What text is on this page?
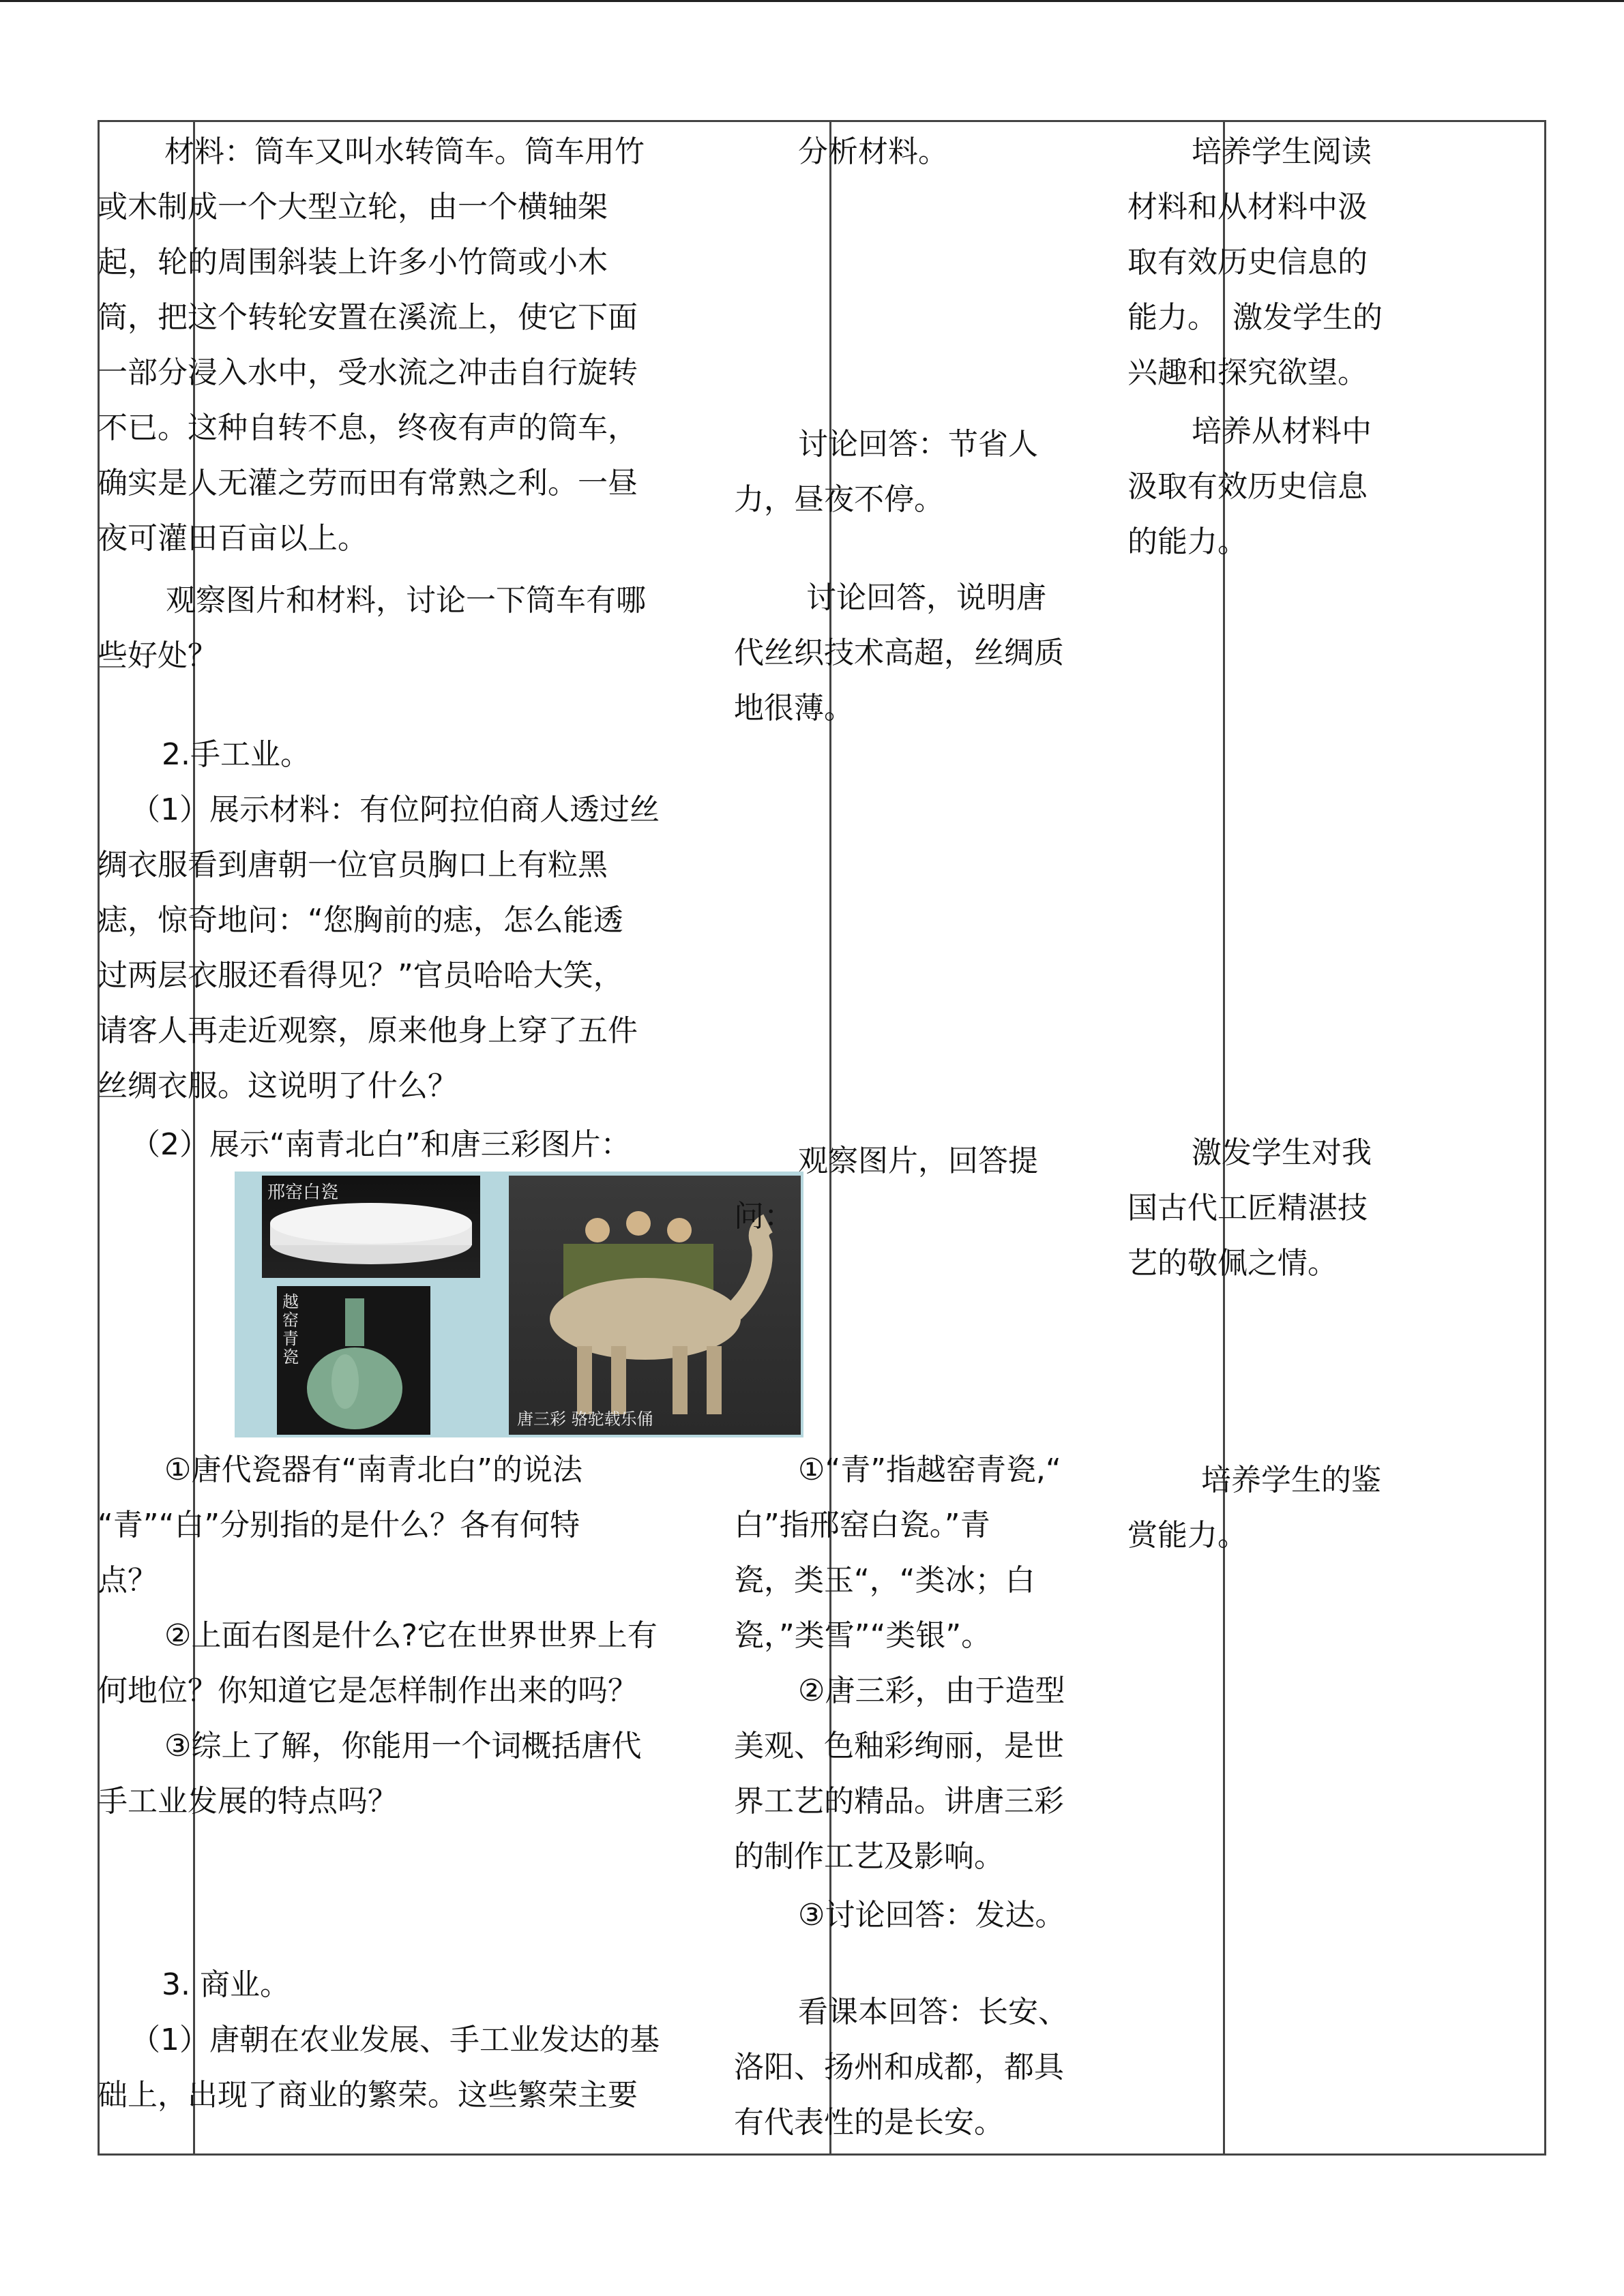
材料：筒车又叫水转筒车。筒车用竹

或木制成一个大型立轮，由一个横轴架

起，轮的周围斜装上许多小竹筒或小木

筒，把这个转轮安置在溪流上，使它下面

一部分浸入水中，受水流之冲击自行旋转

不已。这种自转不息，终夜有声的筒车，

确实是人无灌之劳而田有常熟之利。一昼

夜可灌田百亩以上。

观察图片和材料，讨论一下筒车有哪

些好处？

2.手工业。

（1）展示材料：有位阿拉伯商人透过丝

绸衣服看到唐朝一位官员胸口上有粒黑

痣，惊奇地问：“您胸前的痣，怎么能透

过两层衣服还看得见？”官员哈哈大笑，

请客人再走近观察，原来他身上穿了五件

丝绸衣服。这说明了什么？

（2）展示“南青北白”和唐三彩图片：

①唐代瓷器有“南青北白”的说法

“青”“白”分别指的是什么？各有何特

点？

②上面右图是什么?它在世界世界上有

何地位？你知道它是怎样制作出来的吗？

③综上了解，你能用一个词概括唐代

手工业发展的特点吗？

3. 商业。

（1）唐朝在农业发展、手工业发达的基

础上，出现了商业的繁荣。这些繁荣主要

邢窑白瓷
越窑青瓷
唐三彩 骆驼载乐俑

分析材料。

讨论回答：节省人

力，昼夜不停。

讨论回答，说明唐

代丝织技术高超，丝绸质

地很薄。

观察图片，回答提

问：

①“青”指越窑青瓷,“

白”指邢窑白瓷。”青

瓷，类玉“，“类冰；白

瓷，”类雪”“类银”。

②唐三彩，由于造型

美观、色釉彩绚丽，是世

界工艺的精品。讲唐三彩

的制作工艺及影响。

③讨论回答：发达。

看课本回答：长安、

洛阳、扬州和成都，都具

有代表性的是长安。

培养学生阅读

材料和从材料中汲

取有效历史信息的

能力。　激发学生的

兴趣和探究欲望。

培养从材料中

汲取有效历史信息

的能力。

激发学生对我

国古代工匠精湛技

艺的敬佩之情。

培养学生的鉴

赏能力。
